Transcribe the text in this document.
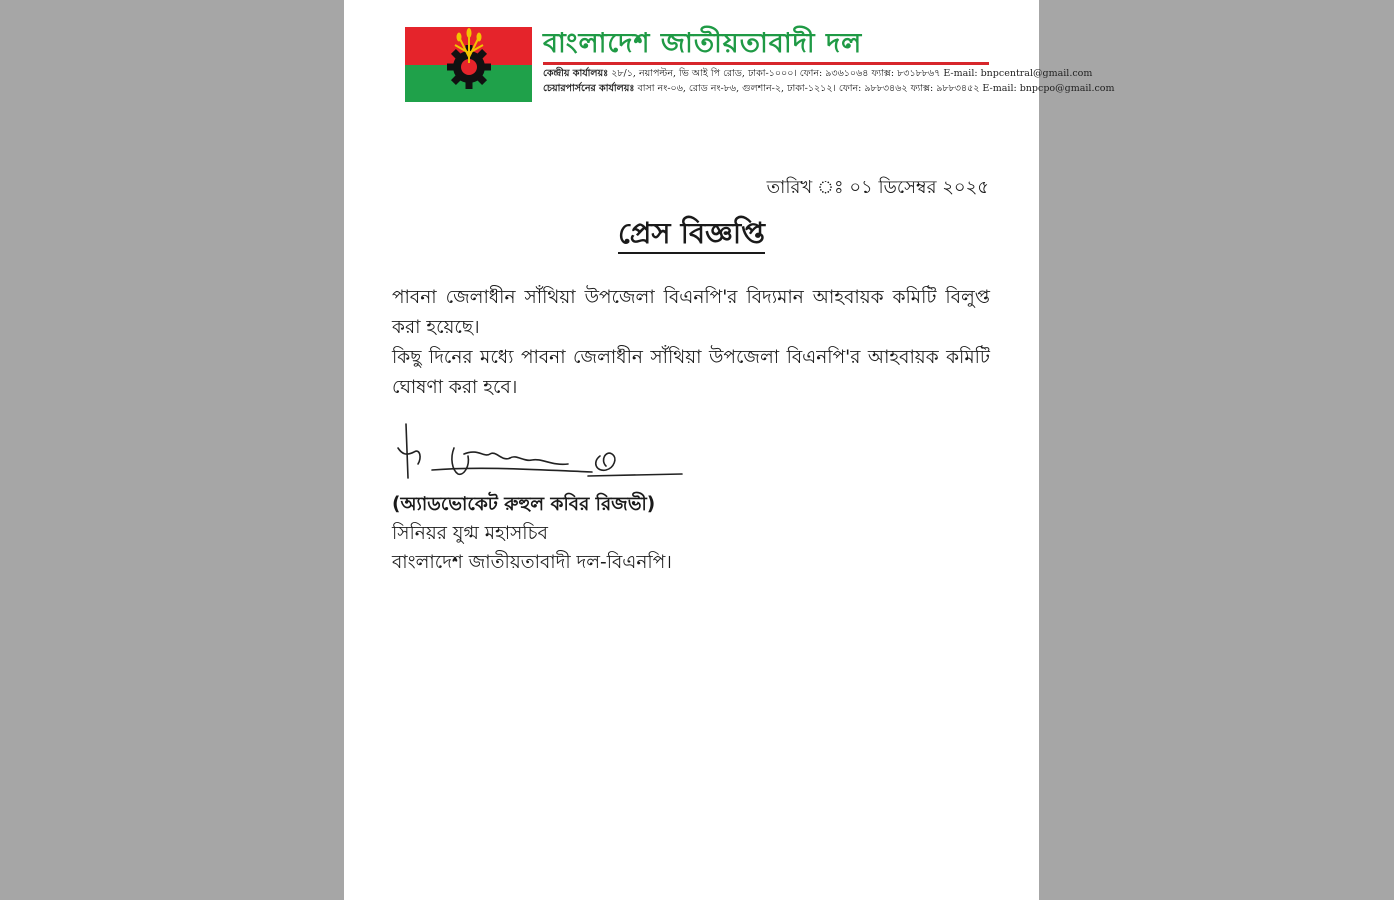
বাংলাদেশ জাতীয়তাবাদী দল
কেন্দ্রীয় কার্যালয়ঃ ২৮/১, নয়াপল্টন, ভি আই পি রোড, ঢাকা-১০০০। ফোন: ৯৩৬১০৬৪ ফ্যাক্স: ৮৩১৮৮৬৭ E-mail: bnpcentral@gmail.com
চেয়ারপার্সনের কার্যালয়ঃ বাসা নং-০৬, রোড নং-৮৬, গুলশান-২, ঢাকা-১২১২। ফোন: ৯৮৮৩৪৬২ ফ্যাক্স: ৯৮৮৩৪৫২ E-mail: bnpcpo@gmail.com
তারিখ ঃ ০১ ডিসেম্বর ২০২৫
প্রেস বিজ্ঞপ্তি

পাবনা জেলাধীন সাঁথিয়া উপজেলা বিএনপি'র বিদ্যমান আহবায়ক কমিটি বিলুপ্ত করা হয়েছে।

কিছু দিনের মধ্যে পাবনা জেলাধীন সাঁথিয়া উপজেলা বিএনপি'র আহবায়ক কমিটি ঘোষণা করা হবে।

(অ্যাডভোকেট রুহুল কবির রিজভী)
সিনিয়র যুগ্ম মহাসচিব
বাংলাদেশ জাতীয়তাবাদী দল-বিএনপি।
